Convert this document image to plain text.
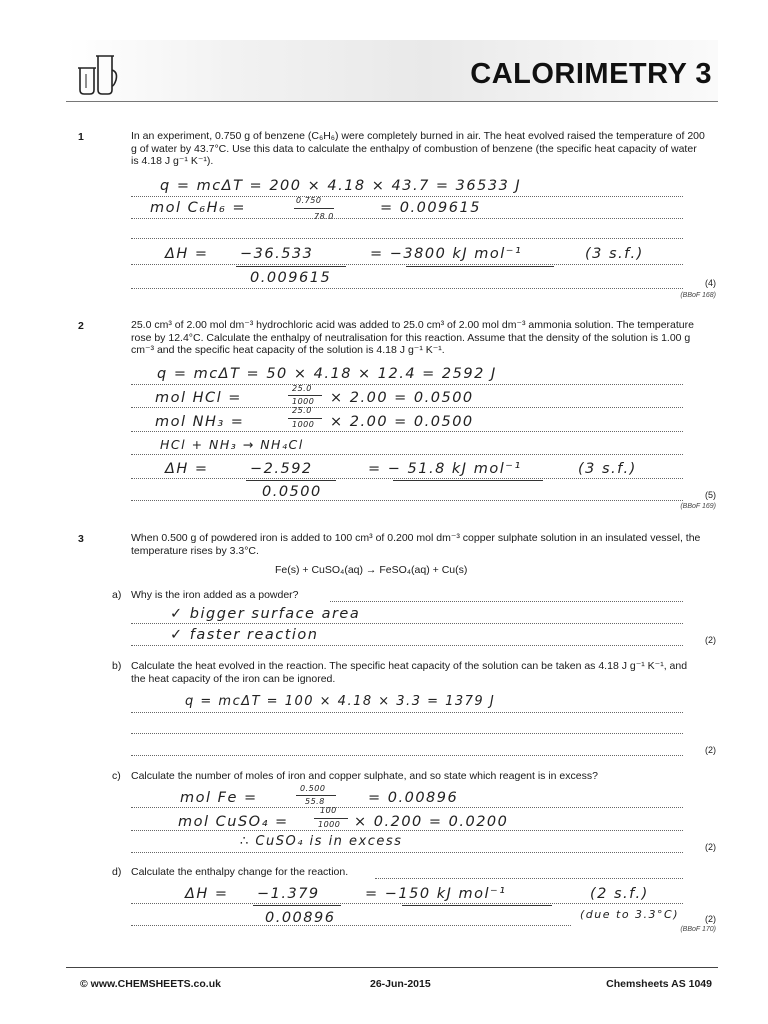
CALORIMETRY 3
1	In an experiment, 0.750 g of benzene (C₆H₆) were completely burned in air. The heat evolved raised the temperature of 200 g of water by 43.7°C. Use this data to calculate the enthalpy of combustion of benzene (the specific heat capacity of water is 4.18 J g⁻¹ K⁻¹).
q = mcΔT = 200 × 4.18 × 43.7 = 36533 J
mol C₆H₆ =	0.750
78.0
= 0.009615
ΔH = −36.533
0.009615
= −3800 kJ mol⁻¹	(3 s.f.)
(4)
(BBoF 168)
2	25.0 cm³ of 2.00 mol dm⁻³ hydrochloric acid was added to 25.0 cm³ of 2.00 mol dm⁻³ ammonia solution. The temperature rose by 12.4°C. Calculate the enthalpy of neutralisation for this reaction. Assume that the density of the solution is 1.00 g cm⁻³ and the specific heat capacity of the solution is 4.18 J g⁻¹ K⁻¹.
q = mcΔT = 50 × 4.18 × 12.4 = 2592 J
mol HCl =
25.0
1000 × 2.00 = 0.0500
mol NH₃ =
25.0
1000 × 2.00 = 0.0500
HCl + NH₃ → NH₄Cl
ΔH =	−2.592
0.0500
= − 51.8 kJ mol⁻¹	(3 s.f.)
(5)
(BBoF 169)
3	When 0.500 g of powdered iron is added to 100 cm³ of 0.200 mol dm⁻³ copper sulphate solution in an insulated vessel, the temperature rises by 3.3°C.
Fe(s) + CuSO₄(aq) → FeSO₄(aq) + Cu(s)
a) Why is the iron added as a powder?
✓ bigger surface area
✓ faster reaction	(2)
b) Calculate the heat evolved in the reaction. The specific heat capacity of the solution can be taken as 4.18 J g⁻¹ K⁻¹, and the heat capacity of the iron can be ignored.
q = mcΔT = 100 × 4.18 × 3.3 = 1379 J
(2)
c) Calculate the number of moles of iron and copper sulphate, and so state which reagent is in excess?
mol Fe =
0.500
55.8	= 0.00896
mol CuSO₄ =
100
1000 × 0.200 = 0.0200
∴ CuSO₄ is in excess	(2)
d) Calculate the enthalpy change for the reaction.
ΔH = −1.379
0.00896
= −150 kJ mol⁻¹	(2 s.f.)
(due to 3.3°C)	(2)
(BBoF 170)
© www.CHEMSHEETS.co.uk	26-Jun-2015	Chemsheets AS 1049
